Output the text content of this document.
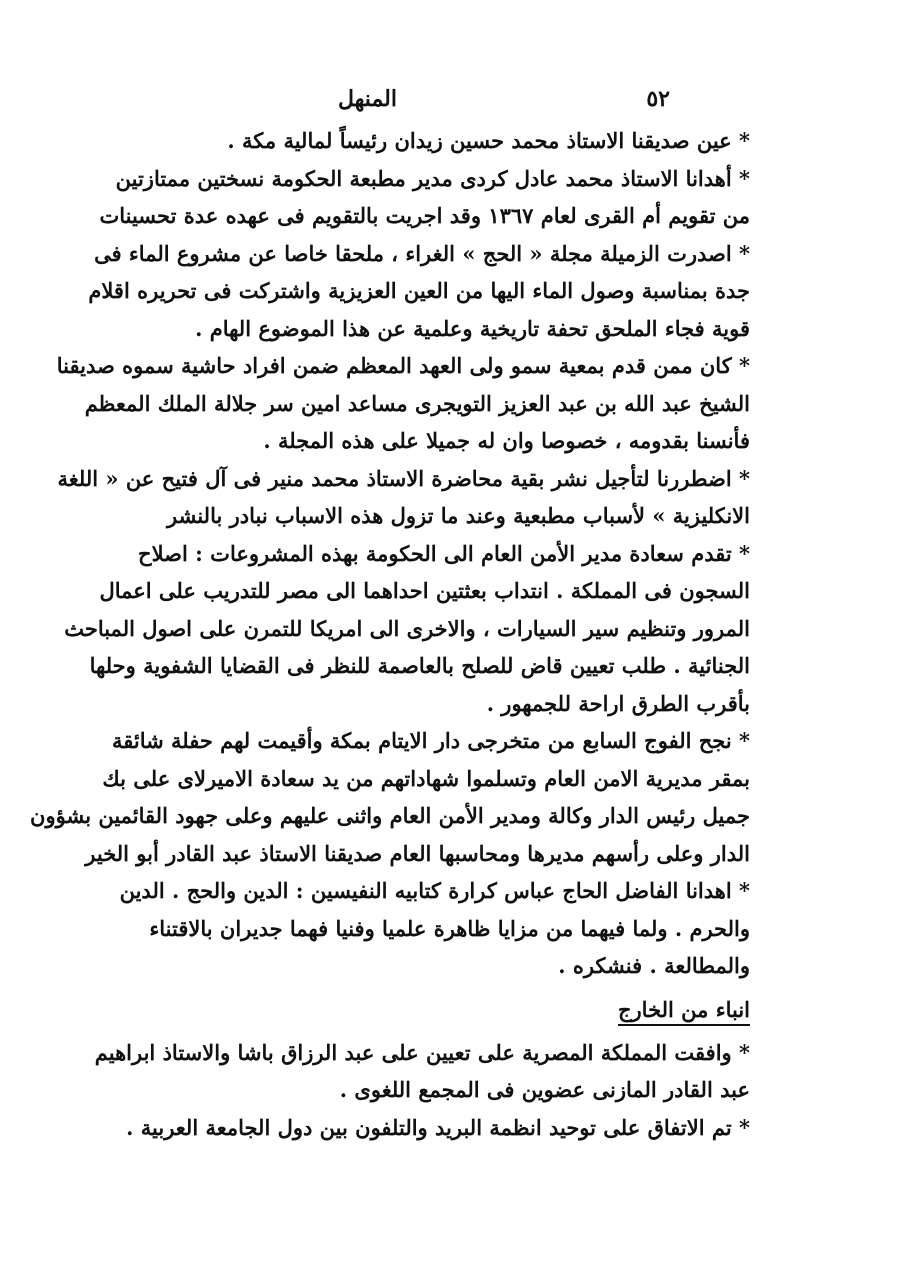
٥٢
المنهل
* عين صديقنا الاستاذ محمد حسين زيدان رئيساً لمالية مكة .
* أهدانا الاستاذ محمد عادل كردى مدير مطبعة الحكومة نسختين ممتازتين
من تقويم أم القرى لعام ١٣٦٧ وقد اجريت بالتقويم فى عهده عدة تحسينات
* اصدرت الزميلة مجلة « الحج » الغراء ، ملحقا خاصا عن مشروع الماء فى
جدة بمناسبة وصول الماء اليها من العين العزيزية واشتركت فى تحريره اقلام
قوية فجاء الملحق تحفة تاريخية وعلمية عن هذا الموضوع الهام .
* كان ممن قدم بمعية سمو ولى العهد المعظم ضمن افراد حاشية سموه صديقنا
الشيخ عبد الله بن عبد العزيز التويجرى مساعد امين سر جلالة الملك المعظم
فأنسنا بقدومه ، خصوصا وان له جميلا على هذه المجلة .
* اضطررنا لتأجيل نشر بقية محاضرة الاستاذ محمد منير فى آل فتيح عن « اللغة
الانكليزية » لأسباب مطبعية وعند ما تزول هذه الاسباب نبادر بالنشر
* تقدم سعادة مدير الأمن العام الى الحكومة بهذه المشروعات : اصلاح
السجون فى المملكة . انتداب بعثتين احداهما الى مصر للتدريب على اعمال
المرور وتنظيم سير السيارات ، والاخرى الى امريكا للتمرن على اصول المباحث
الجنائية . طلب تعيين قاض للصلح بالعاصمة للنظر فى القضايا الشفوية وحلها
بأقرب الطرق اراحة للجمهور .
* نجح الفوج السابع من متخرجى دار الايتام بمكة وأقيمت لهم حفلة شائقة
بمقر مديرية الامن العام وتسلموا شهاداتهم من يد سعادة الاميرلاى على بك
جميل رئيس الدار وكالة ومدير الأمن العام واثنى عليهم وعلى جهود القائمين بشؤون
الدار وعلى رأسهم مديرها ومحاسبها العام صديقنا الاستاذ عبد القادر أبو الخير
* اهدانا الفاضل الحاج عباس كرارة كتابيه النفيسين : الدين والحج . الدين
والحرم . ولما فيهما من مزايا ظاهرة علميا وفنيا فهما جديران بالاقتناء
والمطالعة . فنشكره .
انباء من الخارج
* وافقت المملكة المصرية على تعيين على عبد الرزاق باشا والاستاذ ابراهيم
عبد القادر المازنى عضوين فى المجمع اللغوى .
* تم الاتفاق على توحيد انظمة البريد والتلفون بين دول الجامعة العربية .
